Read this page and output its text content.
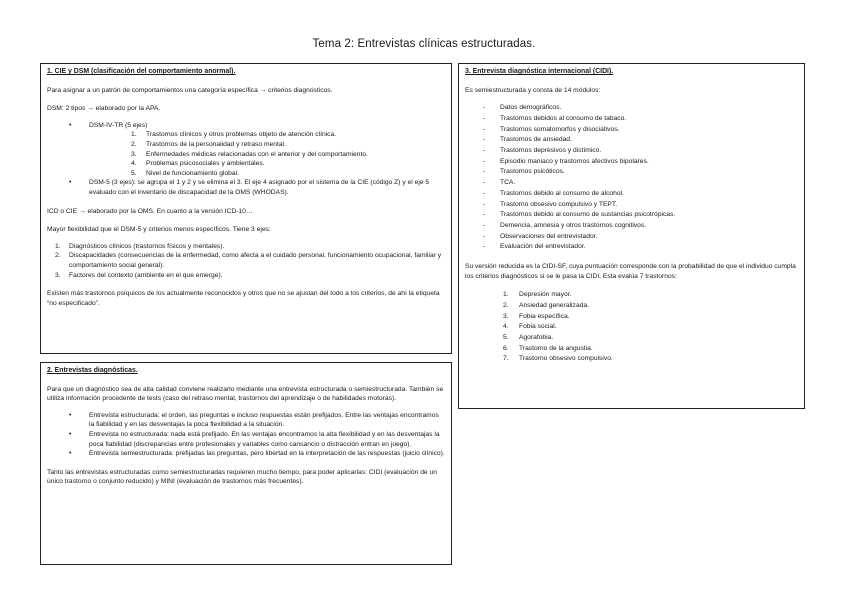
Tema 2: Entrevistas clínicas estructuradas.
1. CIE y DSM (clasificación del comportamiento anormal).

Para asignar a un patrón de comportamientos una categoría específica → criterios diagnósticos.

DSM: 2 tipos → elaborado por la APA.

• DSM-IV-TR (5 ejes)
1. Trastornos clínicos y otros problemas objeto de atención clínica.
2. Trastornos de la personalidad y retraso mental.
3. Enfermedades médicas relacionadas con el anterior y del comportamiento.
4. Problemas psicosociales y ambientales.
5. Nivel de funcionamiento global.
• DSM-5 (3 ejes): se agrupa el 1 y 2 y se elimina el 3. El eje 4 asignado por el sistema de la CIE (código Z) y el eje 5 evaluado con el inventario de discapacidad de la OMS (WHODAS).

ICD o CIE → elaborado por la OMS. En cuanto a la versión ICD-10…

Mayor flexibilidad que el DSM-5 y criterios menos específicos. Tiene 3 ejes:

1. Diagnósticos clínicos (trastornos físicos y mentales).
2. Discapacidades (consecuencias de la enfermedad, como afecta a el cuidado personal, funcionamiento ocupacional, familiar y comportamiento social general).
3. Factores del contexto (ambiente en el que emerge).

Existen más trastornos psíquicos de los actualmente reconocidos y otros que no se ajustan del todo a los criterios, de ahí la etiqueta “no especificado”.

2. Entrevistas diagnósticas.

Para que un diagnóstico sea de alta calidad conviene realizarlo mediante una entrevista estructurada o semiestructurada. También se utiliza información procedente de tests (caso del retraso mental, trastornos del aprendizaje o de habilidades motoras).

• Entrevista estructurada: el orden, las preguntas e incluso respuestas están prefijados. Entre las ventajas encontramos la fiabilidad y en las desventajas la poca flexibilidad a la situación.
• Entrevista no estructurada: nada está prefijado. En las ventajas encontramos la alta flexibilidad y en las desventajas la poca fiabilidad (discrepancias entre profesionales y variables como cansancio o distracción entran en juego).
• Entrevista semiestructurada: prefijadas las preguntas, pero libertad en la interpretación de las respuestas (juicio clínico).

Tanto las entrevistas estructuradas como semiestructuradas requieren mucho tiempo, para poder aplicarlas: CIDI (evaluación de un único trastorno o conjunto reducido) y MINI (evaluación de trastornos más frecuentes).

3. Entrevista diagnóstica internacional (CIDI).

Es semiestructurada y consta de 14 módulos:

- Datos demográficos.
- Trastornos debidos al consumo de tabaco.
- Trastornos somatomorfos y disociativos.
- Trastornos de ansiedad.
- Trastornos depresivos y distímico.
- Episodio maniaco y trastornos afectivos bipolares.
- Trastornos psicóticos.
- TCA.
- Trastornos debido al consumo de alcohol.
- Trastorno obsesivo compulsivo y TEPT.
- Trastornos debido al consumo de sustancias psicotrópicas.
- Demencia, amnesia y otros trastornos cognitivos.
- Observaciones del entrevistador.
- Evaluación del entrevistador.

Su versión reducida es la CIDI-SF, cuya puntuación corresponde con la probabilidad de que el individuo cumpla los criterios diagnósticos si se le pasa la CIDI. Esta evalúa 7 trastornos:

1. Depresión mayor.
2. Ansiedad generalizada.
3. Fobia específica.
4. Fobia social.
5. Agorafobia.
6. Trastorno de la angustia.
7. Trastorno obsesivo compulsivo.
